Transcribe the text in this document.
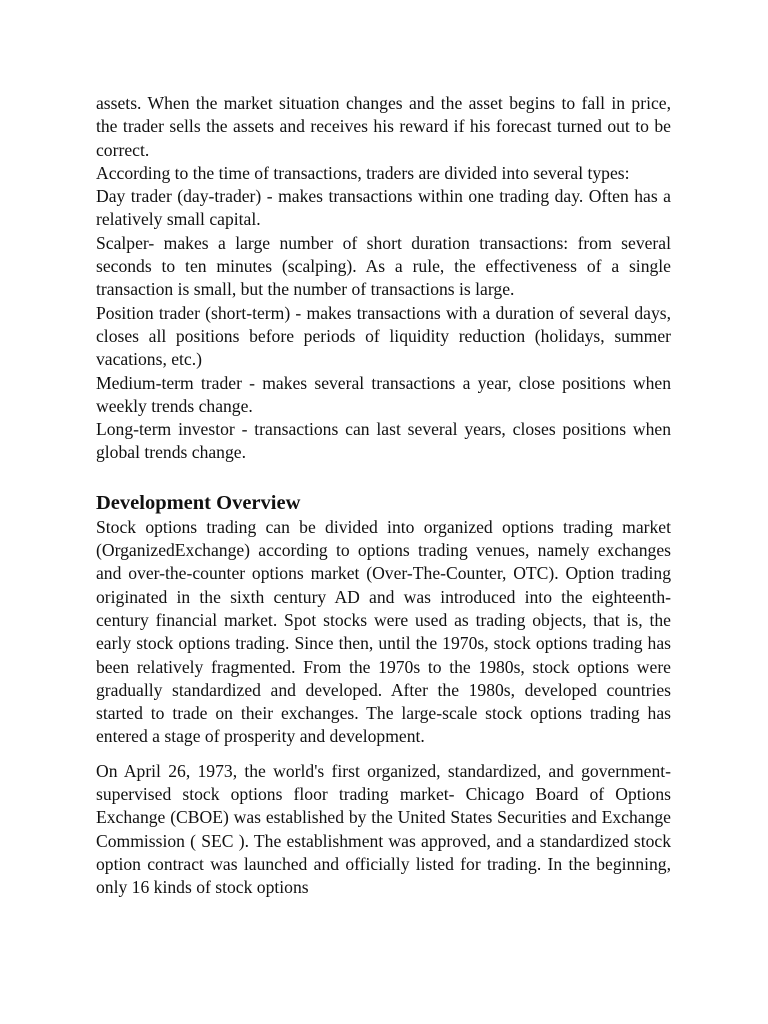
assets. When the market situation changes and the asset begins to fall in price, the trader sells the assets and receives his reward if his forecast turned out to be correct.

According to the time of transactions, traders are divided into several types:

Day trader (day-trader) - makes transactions within one trading day. Often has a relatively small capital.

Scalper- makes a large number of short duration transactions: from several seconds to ten minutes (scalping). As a rule, the effectiveness of a single transaction is small, but the number of transactions is large.

Position trader (short-term) - makes transactions with a duration of several days, closes all positions before periods of liquidity reduction (holidays, summer vacations, etc.)

Medium-term trader - makes several transactions a year, close positions when weekly trends change.

Long-term investor - transactions can last several years, closes positions when global trends change.

Development Overview

Stock options trading can be divided into organized options trading market (OrganizedExchange) according to options trading venues, namely exchanges and over-the-counter options market (Over-The-Counter, OTC). Option trading originated in the sixth century AD and was introduced into the eighteenth-century financial market. Spot stocks were used as trading objects, that is, the early stock options trading. Since then, until the 1970s, stock options trading has been relatively fragmented. From the 1970s to the 1980s, stock options were gradually standardized and developed. After the 1980s, developed countries started to trade on their exchanges. The large-scale stock options trading has entered a stage of prosperity and development.

On April 26, 1973, the world's first organized, standardized, and government-supervised stock options floor trading market- Chicago Board of Options Exchange (CBOE) was established by the United States Securities and Exchange Commission ( SEC ). The establishment was approved, and a standardized stock option contract was launched and officially listed for trading. In the beginning, only 16 kinds of stock options
